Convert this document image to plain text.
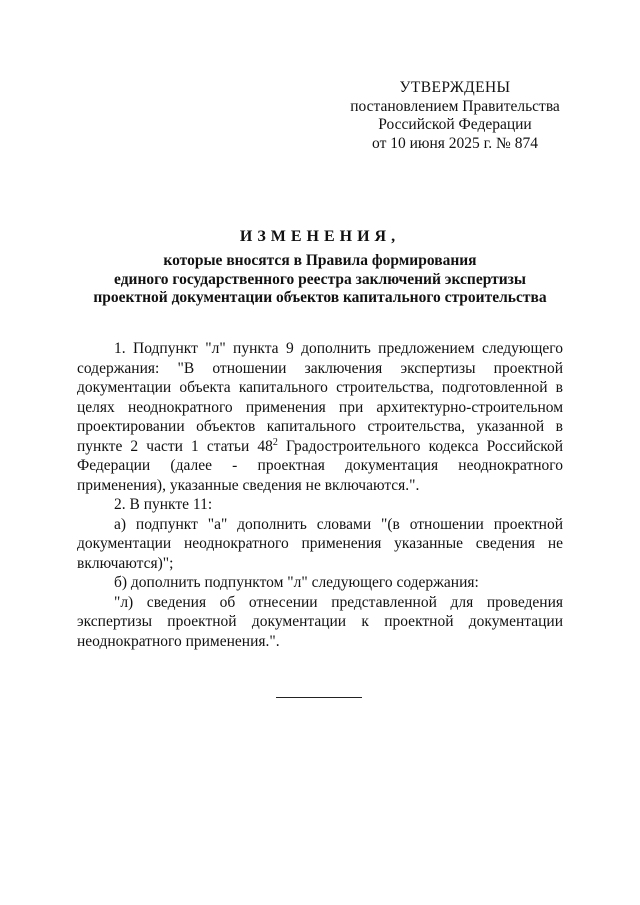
УТВЕРЖДЕНЫ
постановлением Правительства
Российской Федерации
от 10 июня 2025 г. № 874
ИЗМЕНЕНИЯ,
которые вносятся в Правила формирования
единого государственного реестра заключений экспертизы
проектной документации объектов капитального строительства

1. Подпункт "л" пункта 9 дополнить предложением следующего содержания: "В отношении заключения экспертизы проектной документации объекта капитального строительства, подготовленной в целях неоднократного применения при архитектурно-строительном проектировании объектов капитального строительства, указанной в пункте 2 части 1 статьи $48^2$ Градостроительного кодекса Российской Федерации (далее - проектная документация неоднократного применения), указанные сведения не включаются.".

2. В пункте 11:

а) подпункт "а" дополнить словами "(в отношении проектной документации неоднократного применения указанные сведения не включаются)";

б) дополнить подпунктом "л" следующего содержания:

"л) сведения об отнесении представленной для проведения экспертизы проектной документации к проектной документации неоднократного применения.".
